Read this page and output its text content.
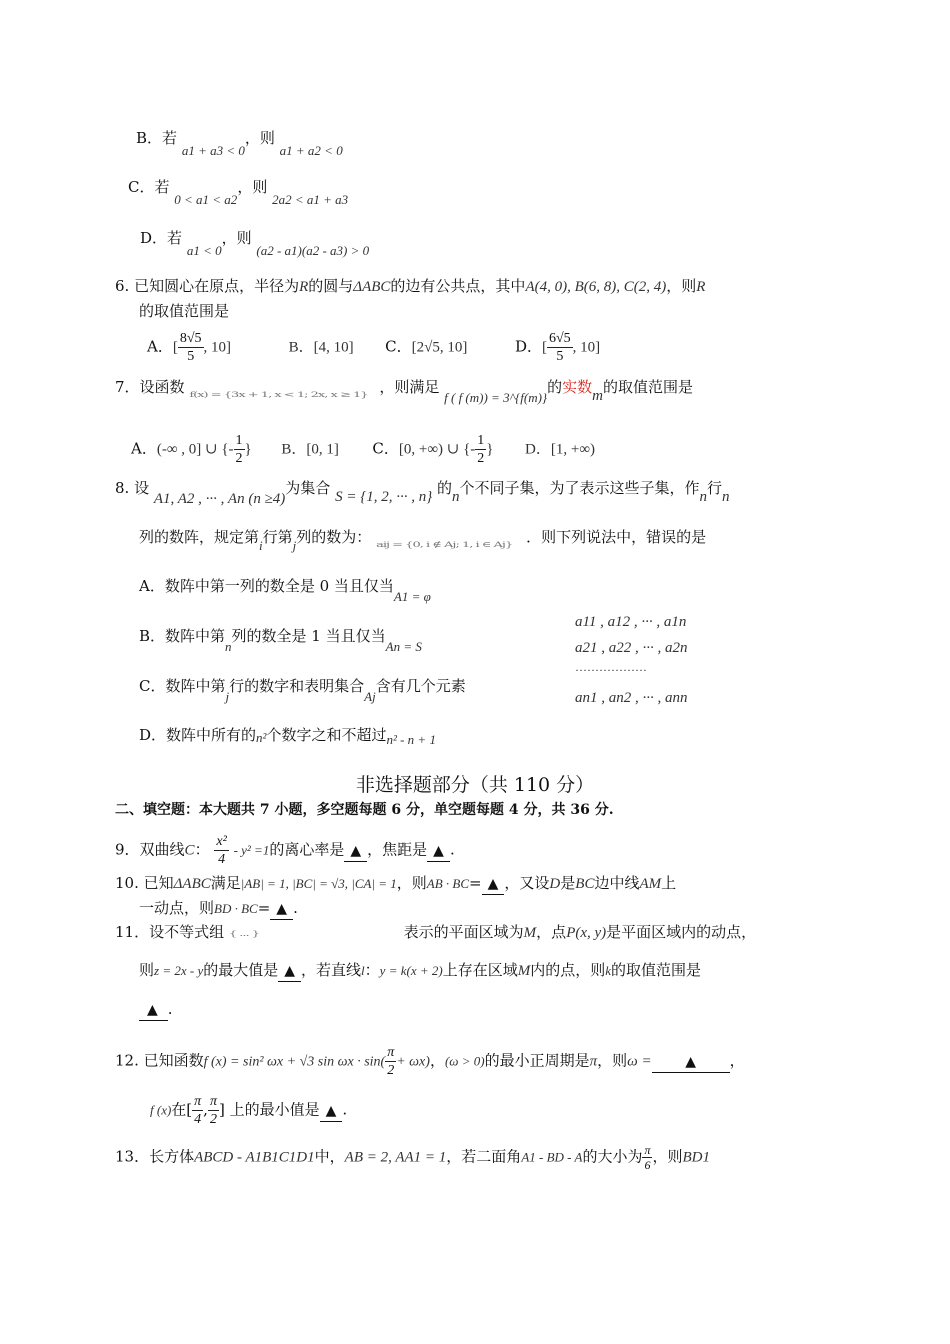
B．若 a1 + a3 < 0，则 a1 + a2 < 0
C．若 0 < a1 < a2，则 2a2 < a1 + a3
D．若 a1 < 0，则 (a2 - a1)(a2 - a3) > 0
6. 已知圆心在原点，半径为R的圆与ΔABC的边有公共点，其中A(4, 0), B(6, 8), C(2, 4)，则R
的取值范围是
A．[ $\frac{8√5}{5}$ , 10]	B．[4, 10] C．[2√5, 10]	D．[ $\frac{6√5}{5}$ , 10]
7．设函数 f(x) = {3x + 1, x < 1; 2x, x ≥ 1} ，则满足 f ( f (m)) = 3^{f(m)}的实数m的取值范围是
A．(-∞ , 0] ∪ {- $\frac{1}{2}$ } B．[0, 1] C．[0, +∞) ∪ {- $\frac{1}{2}$ } D．[1, +∞)
8. 设 A1, A2 , ··· , An (n ≥4)为集合 S = {1, 2, ··· , n} 的n个不同子集，为了表示这些子集，作n行n
列的数阵，规定第i行第j列的数为： aij = {0, i ∉ Aj; 1, i ∈ Aj} ．则下列说法中，错误的是
A．数阵中第一列的数全是 0 当且仅当A1 = φ
B．数阵中第n列的数全是 1 当且仅当An = S
C．数阵中第j行的数字和表明集合Aj含有几个元素
D．数阵中所有的n²个数字之和不超过n² - n + 1
a11 , a12 , ··· , a1n
a21 , a22 , ··· , a2n
··················
an1 , an2 , ··· , ann
非选择题部分（共 110 分）
二、填空题：本大题共 7 小题，多空题每题 6 分，单空题每题 4 分，共 36 分.
9．双曲线C： $\frac{\text{x²}}{4} - y^2 =1$的离心率是 ▲ ，焦距是 ▲ .
10. 已知ΔABC满足|AB| = 1, |BC| = √3, |CA| = 1，则AB · BC= ▲ ，又设D是BC边中线AM上
一动点，则BD · BC= ▲ .
11．设不等式组 { ... }	表示的平面区域为M，点P(x, y)是平面区域内的动点，
则z = 2x - y的最大值是 ▲ ，若直线l：y = k(x + 2)上存在区域M内的点，则k的取值范围是
▲ .
12. 已知函数f (x) = sin² ωx + √3 $\sin \omega x \cdot \sin( \frac{\pi}{2} + \omega x)$，(ω > 0)的最小正周期是π，则ω = ▲ ，
f (x)在[ $\frac{\pi}{4}$ , $\frac{\pi}{2}$ ] 上的最小值是 ▲ .
13．长方体ABCD - A1B1C1D1中，AB = 2, AA1 = 1，若二面角A1 - BD - A的大小为 $\frac{\pi}{6}$ ，则BD1
